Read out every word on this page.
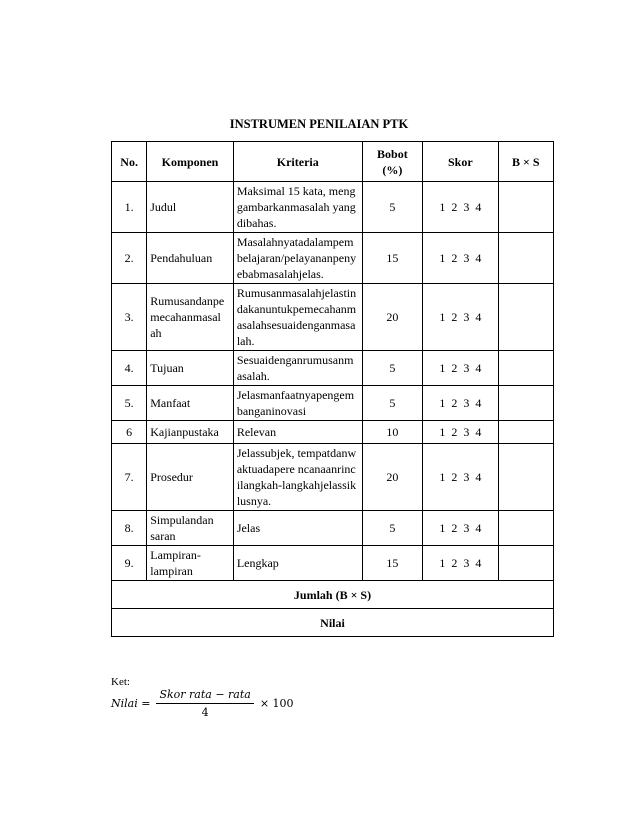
INSTRUMEN PENILAIAN PTK
No.	Komponen	Kriteria	Bobot (%)	Skor	B × S
1.	Judul	Maksimal 15 kata, menggambarkanmasalah yang dibahas.	5	1 2 3 4	
2.	Pendahuluan	Masalahnyatadalampem belajaran/pelayananpeny ebabmasalahjelas.	15	1 2 3 4	
3.	Rumusandanpe mecahanmasal ah	Rumusanmasalahjelastin dakanuntukpemecahanm asalahsesuaidenganmasa lah.	20	1 2 3 4	
4.	Tujuan	Sesuaidenganrumusanm asalah.	5	1 2 3 4	
5.	Manfaat	Jelasmanfaatnyapengem banganinovasi	5	1 2 3 4	
6	Kajianpustaka	Relevan	10	1 2 3 4	
7.	Prosedur	Jelassubjek, tempatdanwaktuadapere ncanaanrincilangkah-langkahjelassiklusnya.	20	1 2 3 4	
8.	Simpulandan saran	Jelas	5	1 2 3 4	
9.	Lampiran-lampiran	Lengkap	15	1 2 3 4	
Jumlah (B × S)					
Nilai					
Ket:
Nilai = $\frac{\text{Skor rata − rata}}{4} \times 100$
